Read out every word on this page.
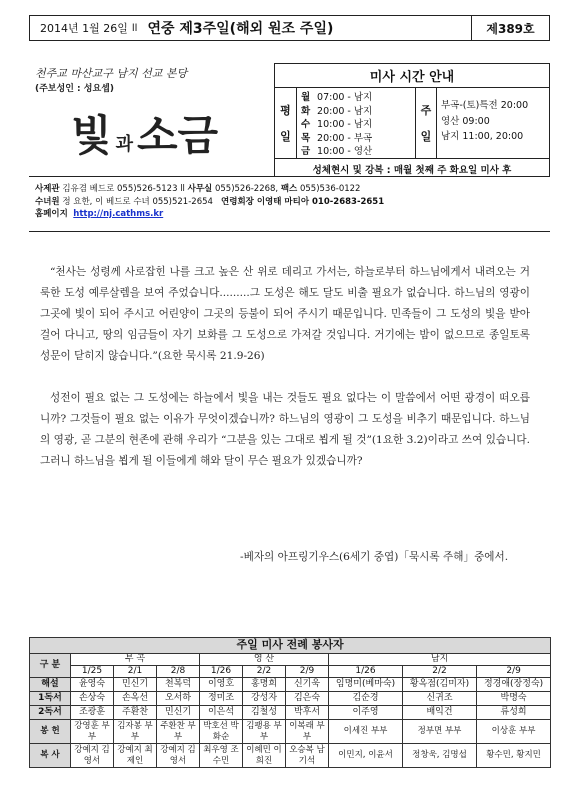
2014년 1월 26일 ll 연중 제3주일(해외 원조 주일)	제389호
천주교 마산교구 남지 선교 본당
(주보성인 : 성요셉)
빛과소금
미사 시간 안내
평
일
월 07:00 - 남지
화 20:00 - 남지
수 10:00 - 남지
목 20:00 - 부곡
금 10:00 - 영산
주
일
부곡-(토)특전 20:00
영산 09:00
남지 11:00, 20:00
성체현시 및 강복 : 매월 첫째 주 화요일 미사 후
사제관 김유겸 베드로 055)526-5123 ll 사무실 055)526-2268, 팩스 055)536-0122
수녀원 정 요한, 이 베드로 수녀 055)521-2654 연령회장 이영태 마티아 010-2683-2651
홈페이지 http://nj.cathms.kr

“천사는 성령께 사로잡힌 나를 크고 높은 산 위로 데리고 가서는, 하늘로부터 하느님에게서 내려오는 거룩한 도성 예루살렘을 보여 주었습니다.........그 도성은 해도 달도 비출 필요가 없습니다. 하느님의 영광이 그곳에 빛이 되어 주시고 어린양이 그곳의 등불이 되어 주시기 때문입니다. 민족들이 그 도성의 빛을 받아 걸어 다니고, 땅의 임금들이 자기 보화를 그 도성으로 가져갈 것입니다. 거기에는 밤이 없으므로 종일토록 성문이 닫히지 않습니다.”(요한 묵시록 21.9-26)

성전이 필요 없는 그 도성에는 하늘에서 빛을 내는 것들도 필요 없다는 이 말씀에서 어떤 광경이 떠오릅니까? 그것들이 필요 없는 이유가 무엇이겠습니까? 하느님의 영광이 그 도성을 비추기 때문입니다. 하느님의 영광, 곧 그분의 현존에 관해 우리가 “그분을 있는 그대로 뵙게 될 것”(1요한 3.2)이라고 쓰여 있습니다. 그러니 하느님을 뵙게 될 이들에게 해와 달이 무슨 필요가 있겠습니까?

-베자의 아프링기우스(6세기 중엽)「묵시록 주해」중에서.
주일 미사 전례 봉사자									
구 분	부 곡			영 산			남지		
	1/25	2/1	2/8	1/26	2/2	2/9	1/26	2/2	2/9
해설	윤영숙	민신기	천복덕	이영호	홍명희	신기욱	임명미(베마숙)	황옥점(김미자)	정경애(장정숙)
1독서	손상숙	손옥선	오서하	정미조	강성자	김은숙	김순경	신귀조	박명숙
2독서	조광훈	주환찬	민신기	이은석	김철성	박후서	이주영	배익건	류성희
봉 헌	강영훈 부부	김자봉 부부	주환찬 부부	박호선 박화순	김팽용 부부	이복래 부부	이세진 부부	정부면 부부	이상훈 부부
복 사	강예지 김영서	강예지 최제인	강예지 김영서	최우영 조수민	이혜민 이희진	오승복 남기석	이민지, 이윤서	정창욱, 김명섭	황수민, 황지민
